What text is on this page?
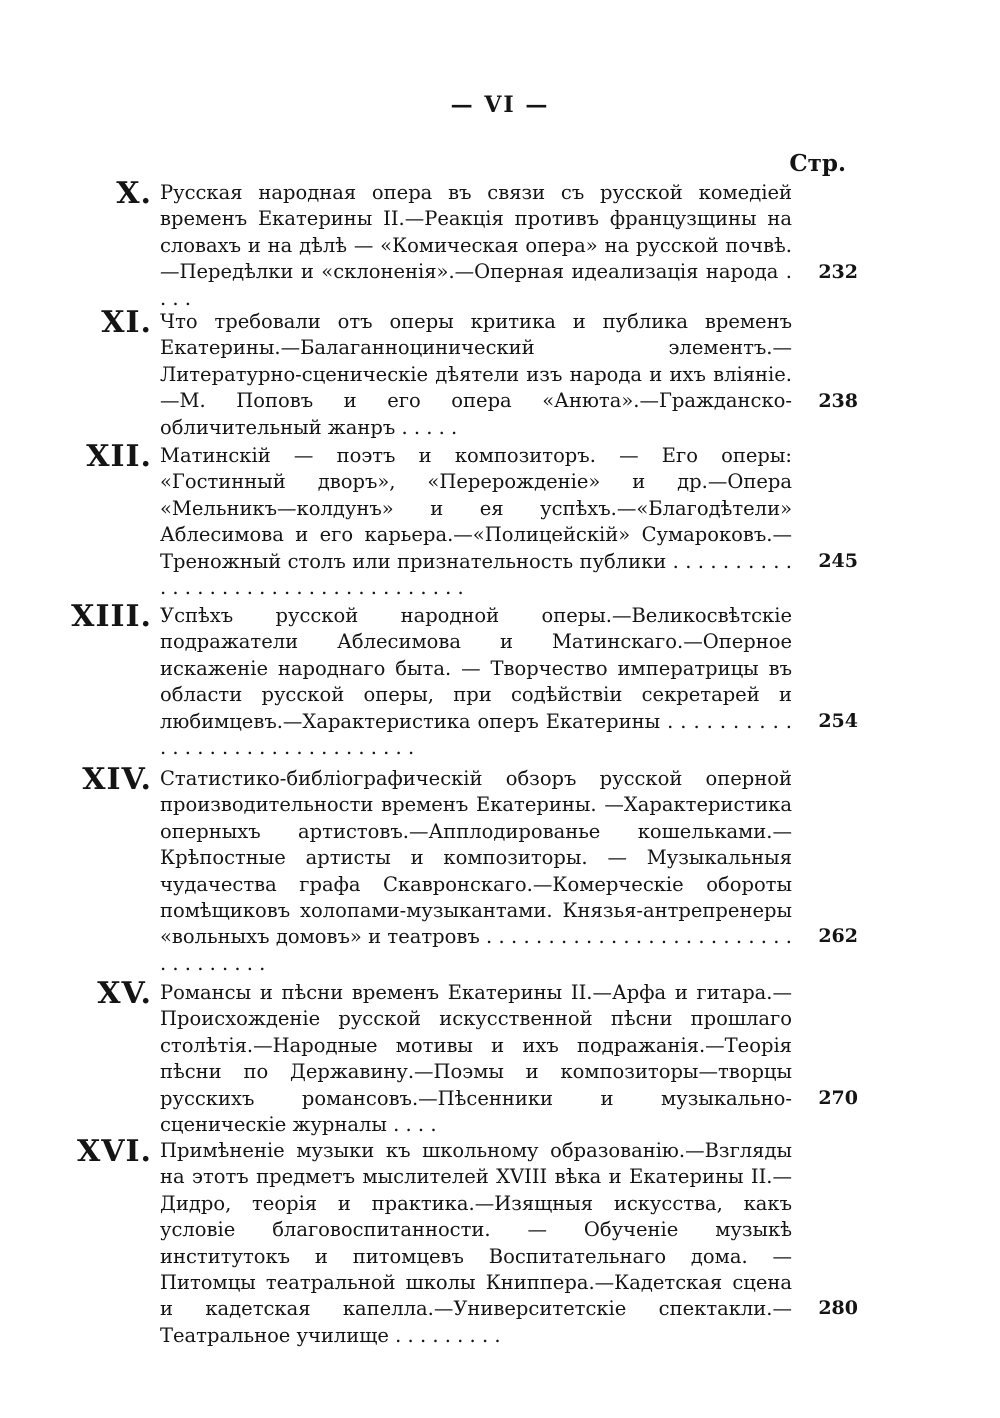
— VI —
Стр.
X. Русская народная опера въ связи съ русской комедiей временъ Екатерины II.—Реакцiя противъ французщины на словахъ и на дѣлѣ — «Комическая опера» на русской почвѣ.—Передѣлки и «склоненiя».—Оперная идеализацiя народа . . . .
232
XI. Что требовали отъ оперы критика и публика временъ Екатерины.—Балаганноцинический элементъ.—Литературно-сценическiе дѣятели изъ народа и ихъ влiянiе.—М. Поповъ и его опера «Анюта».—Гражданско-обличительный жанръ . . . . .
238
XII. Матинскiй — поэтъ и композиторъ. — Его оперы: «Гостинный дворъ», «Перерожденiе» и др.—Опера «Мельникъ—колдунъ» и ея успѣхъ.—«Благодѣтели» Аблесимова и его карьера.—«Полицейскiй» Сумароковъ.—Треножный столъ или признательность публики . . . . . . . . . . . . . . . . . . . . . . . . . . . . . . . . . . .
245
XIII. Успѣхъ русской народной оперы.—Великосвѣтскiе подражатели Аблесимова и Матинскаго.—Оперное искаженiе народнаго быта. — Творчество императрицы въ области русской оперы, при содѣйствiи секретарей и любимцевъ.—Характеристика оперъ Екатерины . . . . . . . . . . . . . . . . . . . . . . . . . . . . . . .
254
XIV. Статистико-библiографическiй обзоръ русской оперной производительности временъ Екатерины. —Характеристика оперныхъ артистовъ.—Апплодированье кошельками.—Крѣпостные артисты и композиторы. — Музыкальныя чудачества графа Скавронскаго.—Комерческiе обороты помѣщиковъ холопами-музыкантами. Князья-антрепренеры «вольныхъ домовъ» и театровъ . . . . . . . . . . . . . . . . . . . . . . . . . . . . . . . . . .
262
XV. Романсы и пѣсни временъ Екатерины II.—Арфа и гитара.—Происхожденiе русской искусственной пѣсни прошлаго столѣтiя.—Народные мотивы и ихъ подражанiя.—Теорiя пѣсни по Державину.—Поэмы и композиторы—творцы русскихъ романсовъ.—Пѣсенники и музыкально-сценическiе журналы . . . .
270
XVI. Примѣненiе музыки къ школьному образованiю.—Взгляды на этотъ предметъ мыслителей XVIII вѣка и Екатерины II.—Дидро, теорiя и практика.—Изящныя искусства, какъ условiе благовоспитанности. — Обученiе музыкѣ институтокъ и питомцевъ Воспитательнаго дома. — Питомцы театральной школы Книппера.—Кадетская сцена и кадетская капелла.—Университетскiе спектакли.—Театральное училище . . . . . . . . .
280
